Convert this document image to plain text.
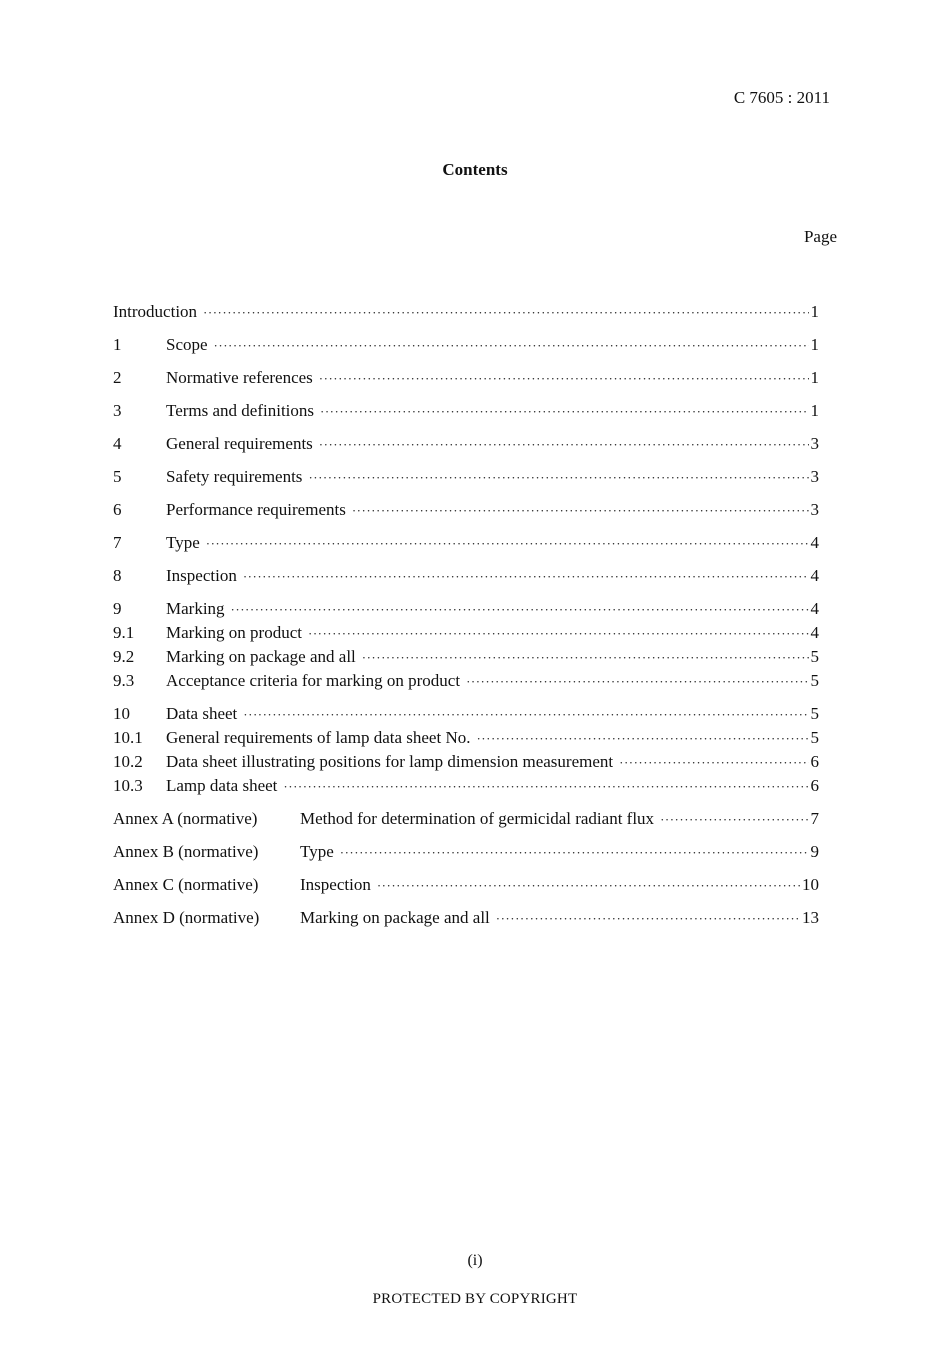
C 7605 : 2011
Contents
Page
Introduction ·····	1
1	Scope ·····	1
2	Normative references ·····	1
3	Terms and definitions ·····	1
4	General requirements ·····	3
5	Safety requirements ·····	3
6	Performance requirements ·····	3
7	Type ·····	4
8	Inspection ·····	4
9	Marking ·····	4
9.1	Marking on product ·····	4
9.2	Marking on package and all ·····	5
9.3	Acceptance criteria for marking on product ·····	5
10	Data sheet ·····	5
10.1	General requirements of lamp data sheet No. ·····	5
10.2	Data sheet illustrating positions for lamp dimension measurement ·····	6
10.3	Lamp data sheet ·····	6
Annex A (normative)	Method for determination of germicidal radiant flux ·····	7
Annex B (normative)	Type ·····	9
Annex C (normative)	Inspection ·····	10
Annex D (normative)	Marking on package and all ·····	13
(i)
PROTECTED BY COPYRIGHT
